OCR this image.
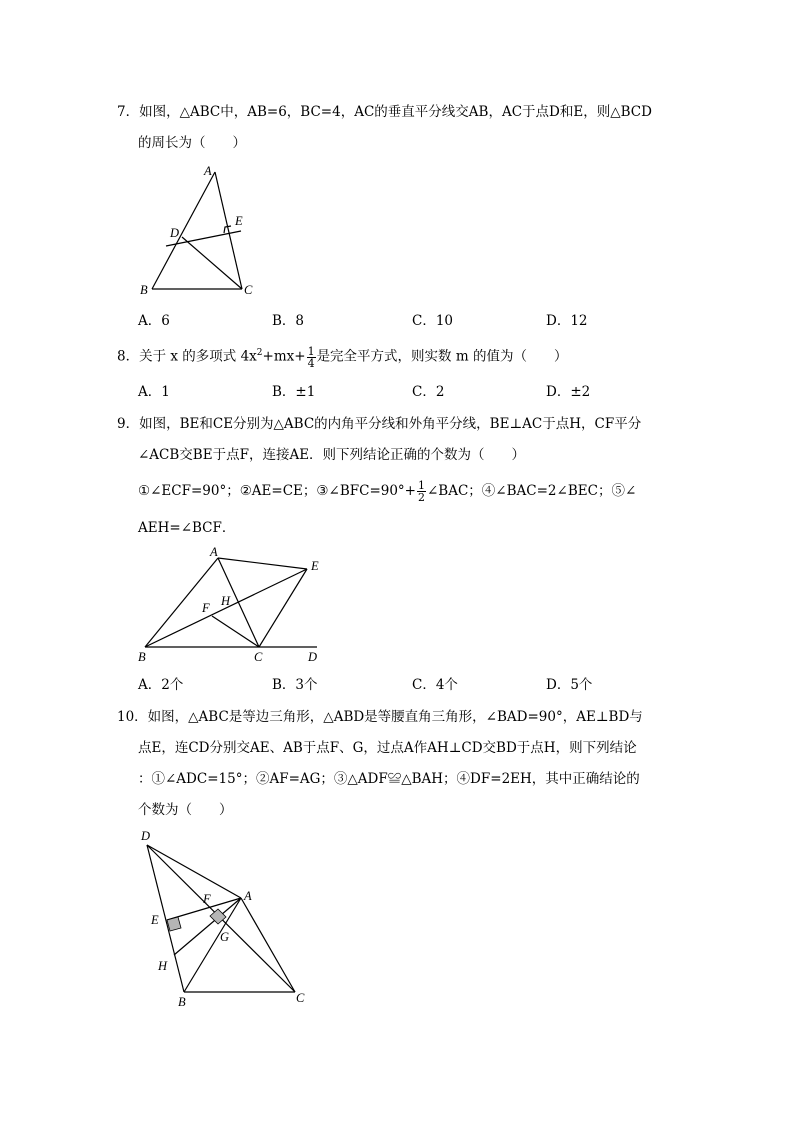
7．如图，△ABC中，AB=6，BC=4，AC的垂直平分线交AB，AC于点D和E，则△BCD
的周长为（　　）
A
B	C
D
E
A．6	B．8	C．10	D．12
8．关于 x 的多项式 $4x^2+mx+ \frac{1}{4}$ 是完全平方式，则实数 m 的值为（　　）
A．1	B．±1	C．2	D．±2
9．如图，BE和CE分别为△ABC的内角平分线和外角平分线，BE⊥AC于点H，CF平分
∠ACB交BE于点F，连接AE．则下列结论正确的个数为（　　）
①∠ECF=90°；②AE=CE；③∠BFC=90°+ $\frac{1}{2}$ ∠BAC；④∠BAC=2∠BEC；⑤∠
AEH=∠BCF．
A
B	C	D
E
F H
A．2个	B．3个	C．4个	D．5个
10．如图，△ABC是等边三角形，△ABD是等腰直角三角形，∠BAD=90°，AE⊥BD与
点E，连CD分别交AE、AB于点F、G，过点A作AH⊥CD交BD于点H，则下列结论
：①∠ADC=15°；②AF=AG；③△ADF≌△BAH；④DF=2EH，其中正确结论的
个数为（　　）
D
A
E
F
G
H
B	C
